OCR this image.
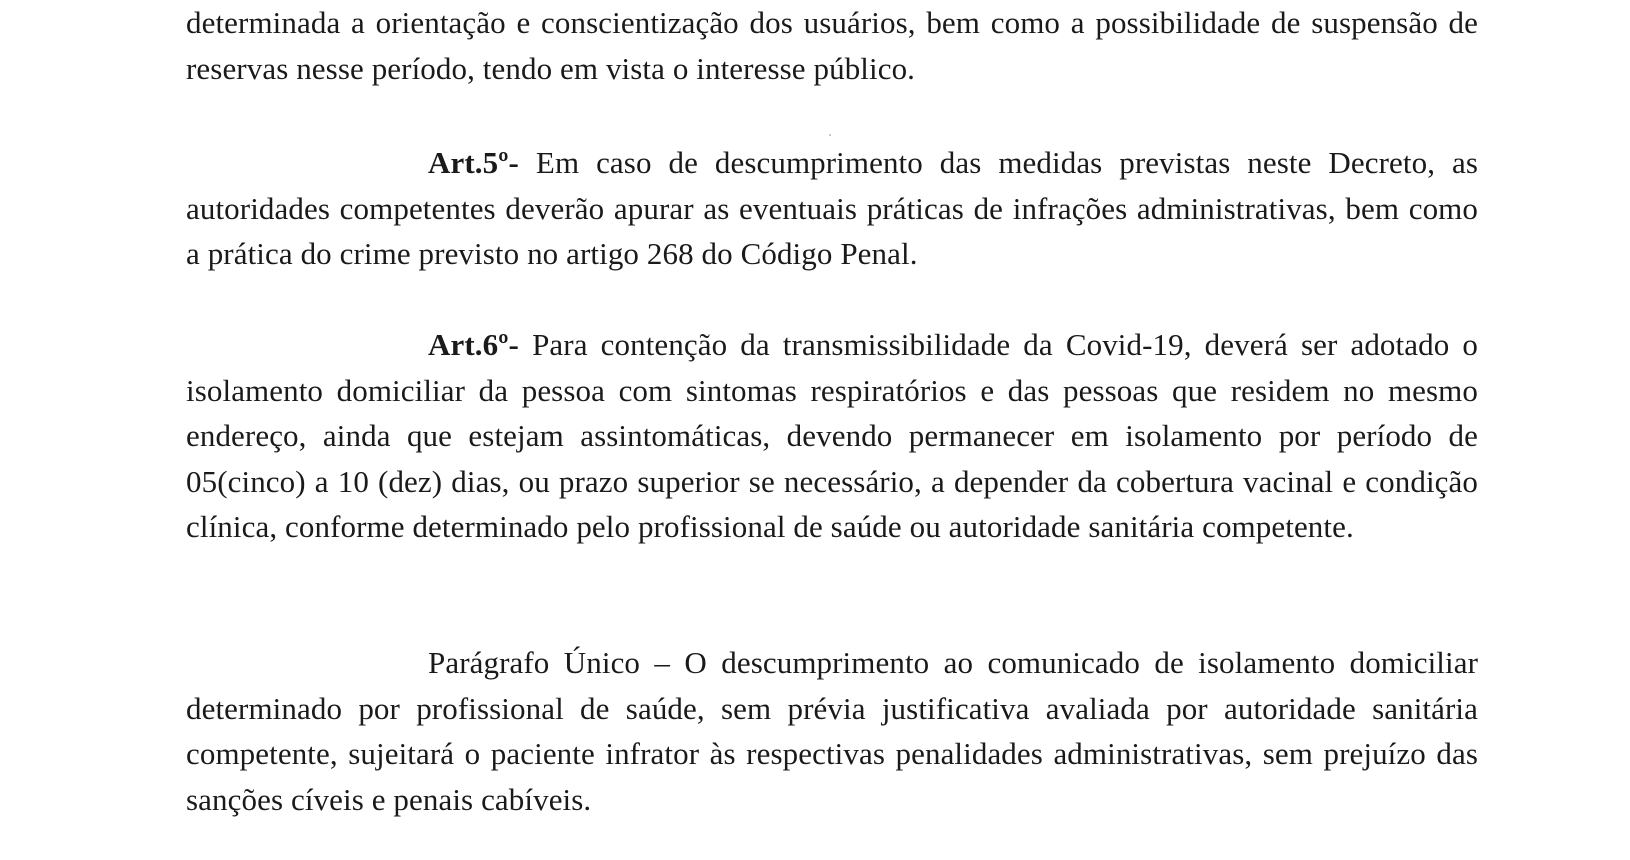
determinada a orientação e conscientização dos usuários, bem como a possibilidade de suspensão de reservas nesse período, tendo em vista o interesse público.

Art.5º- Em caso de descumprimento das medidas previstas neste Decreto, as autoridades competentes deverão apurar as eventuais práticas de infrações administrativas, bem como a prática do crime previsto no artigo 268 do Código Penal.

Art.6º- Para contenção da transmissibilidade da Covid-19, deverá ser adotado o isolamento domiciliar da pessoa com sintomas respiratórios e das pessoas que residem no mesmo endereço, ainda que estejam assintomáticas, devendo permanecer em isolamento por período de 05(cinco) a 10 (dez) dias, ou prazo superior se necessário, a depender da cobertura vacinal e condição clínica, conforme determinado pelo profissional de saúde ou autoridade sanitária competente.

Parágrafo Único – O descumprimento ao comunicado de isolamento domiciliar determinado por profissional de saúde, sem prévia justificativa avaliada por autoridade sanitária competente, sujeitará o paciente infrator às respectivas penalidades administrativas, sem prejuízo das sanções cíveis e penais cabíveis.
